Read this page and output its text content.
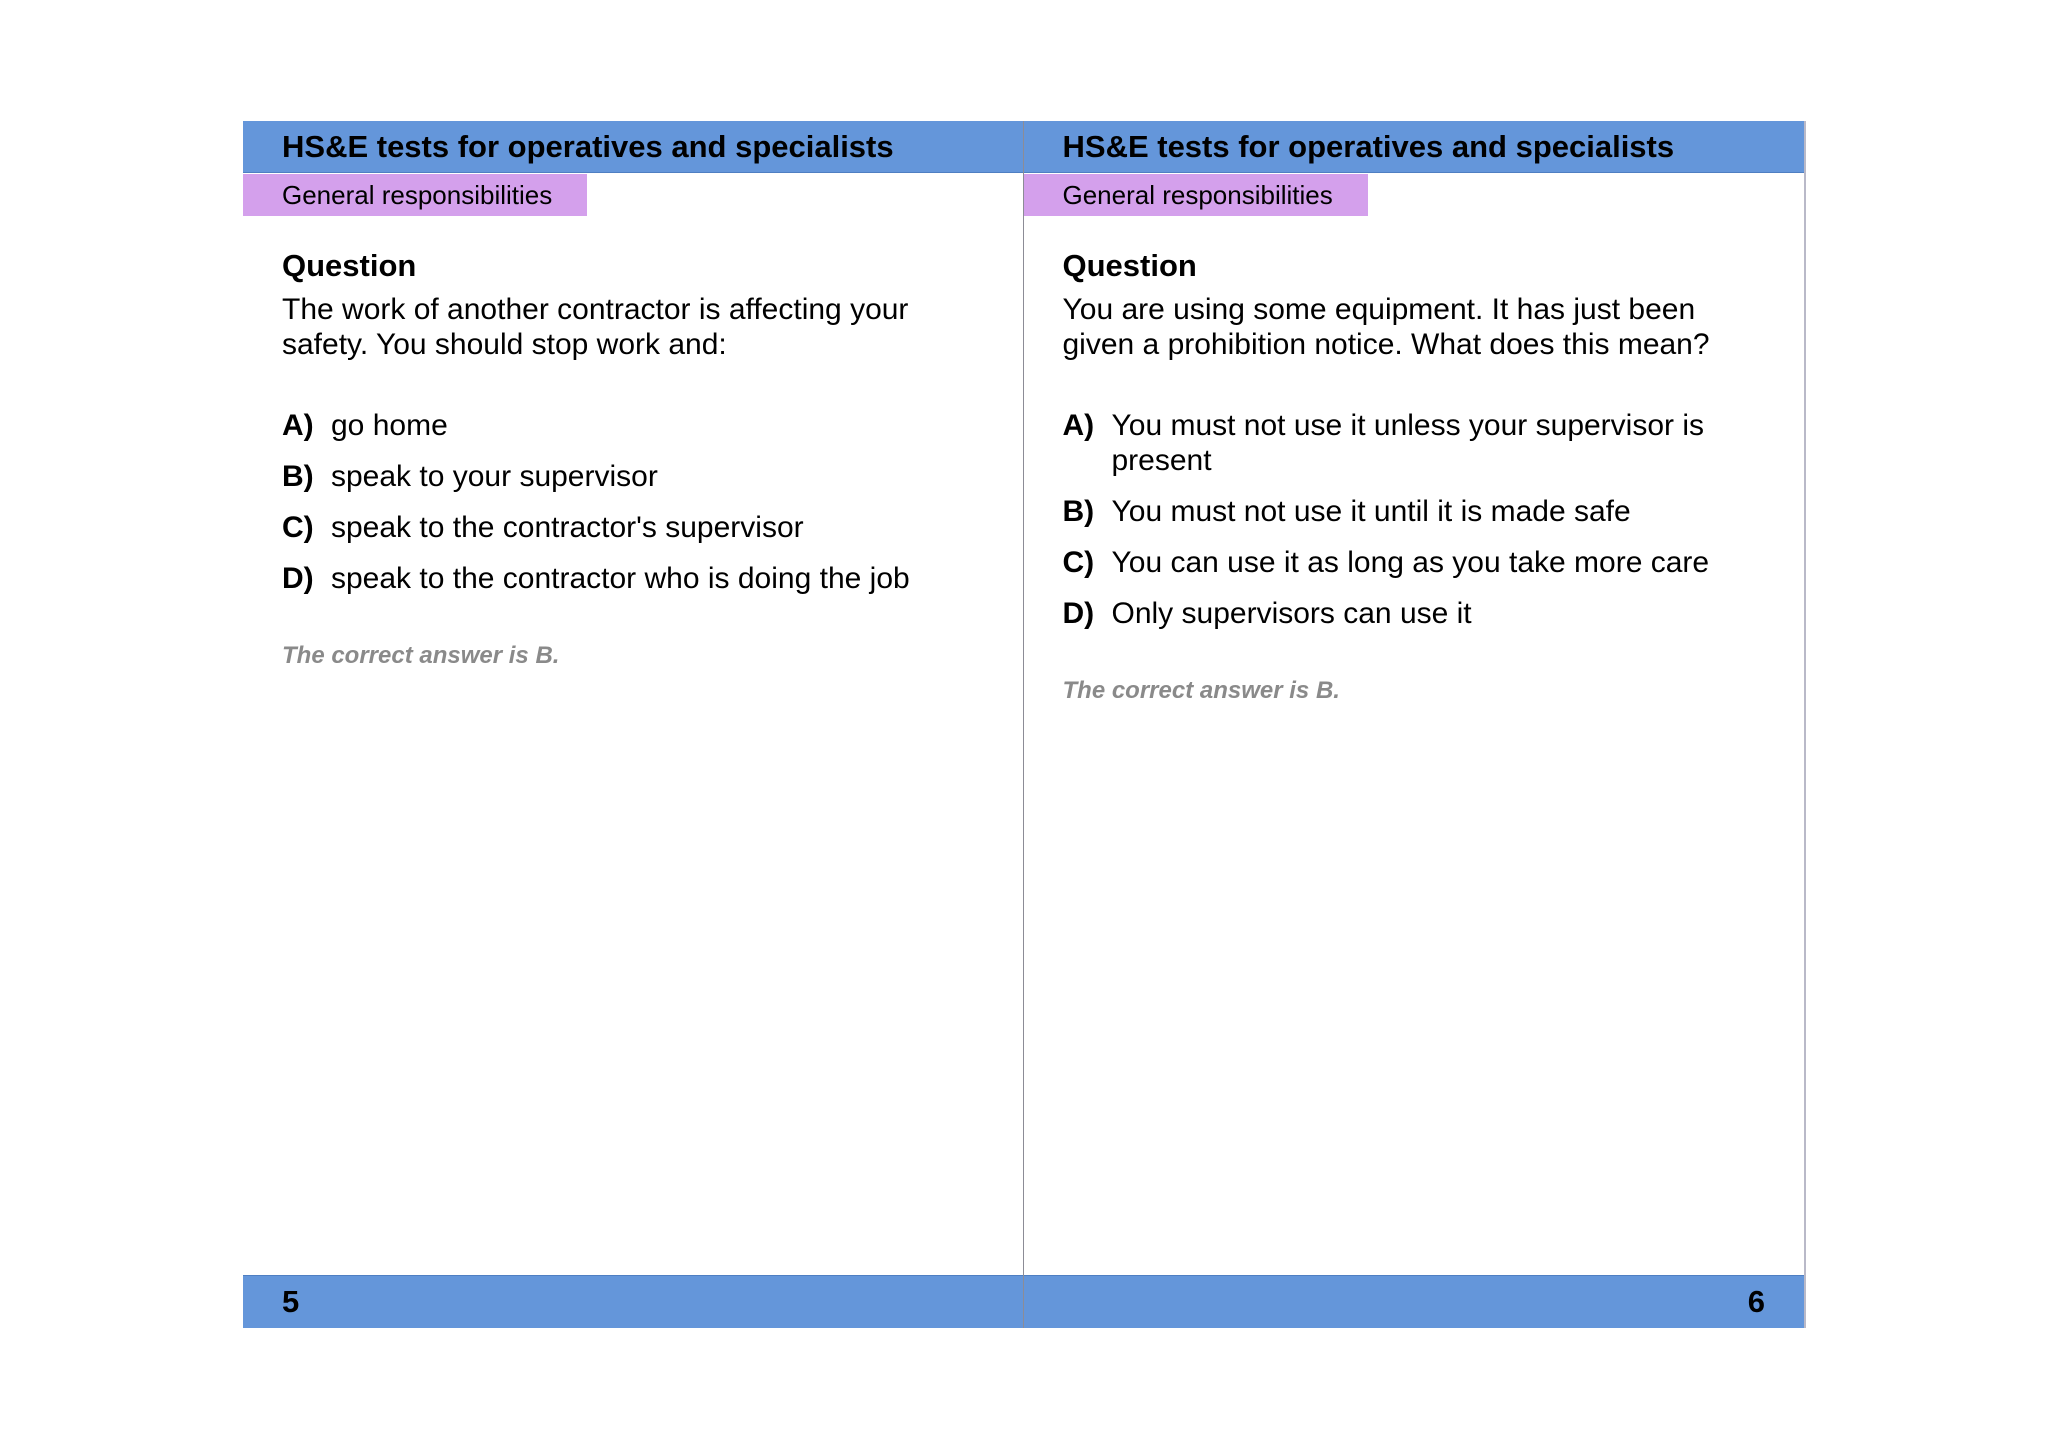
HS&E tests for operatives and specialists
General responsibilities
Question
The work of another contractor is affecting your safety. You should stop work and:
A) go home
B) speak to your supervisor
C) speak to the contractor's supervisor
D) speak to the contractor who is doing the job
The correct answer is B.
5
HS&E tests for operatives and specialists
General responsibilities
Question
You are using some equipment. It has just been given a prohibition notice. What does this mean?
A) You must not use it unless your supervisor is present
B) You must not use it until it is made safe
C) You can use it as long as you take more care
D) Only supervisors can use it
The correct answer is B.
6
